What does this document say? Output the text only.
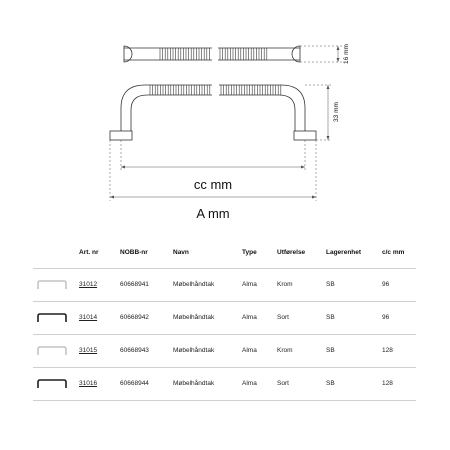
16 mm
33 mm
cc mm
A mm
Art. nr	NOBB-nr	Navn	Type	Utførelse	Lagerenhet	c/c mm
31012	60668941	Møbelhåndtak	Alma	Krom	SB	96
31014	60668942	Møbelhåndtak	Alma	Sort	SB	96
31015	60668943	Møbelhåndtak	Alma	Krom	SB	128
31016	60668944	Møbelhåndtak	Alma	Sort	SB	128
